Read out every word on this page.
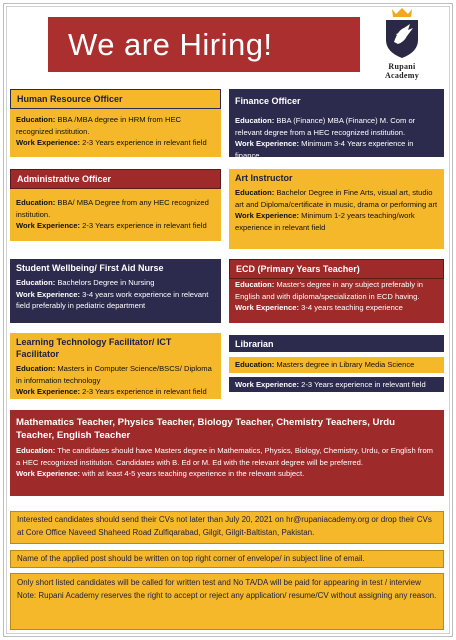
We are Hiring!
Rupani Academy
Human Resource Officer
Education: BBA /MBA degree in HRM from HEC recognized institution.
Work Experience: 2-3 Years experience in relevant field
Finance Officer
Education: BBA (Finance) MBA (Finance) M. Com or relevant degree from a HEC recognized institution.
Work Experience: Minimum 3-4 Years experience in finance
Administrative Officer
Education: BBA/ MBA Degree from any HEC recognized institution.
Work Experience: 2-3 Years experience in relevant field
Art Instructor
Education: Bachelor Degree in Fine Arts, visual art, studio art and Diploma/certificate in music, drama or performing art
Work Experience: Minimum 1-2 years teaching/work experience in relevant field
Student Wellbeing/ First Aid Nurse
Education: Bachelors Degree in Nursing
Work Experience: 3-4 years work experience in relevant field preferably in pediatric department
ECD (Primary Years Teacher)
Education: Master's degree in any subject preferably in English and with diploma/specialization in ECD having.
Work Experience: 3-4 years teaching experience
Learning Technology Facilitator/ ICT Facilitator
Education: Masters in Computer Science/BSCS/ Diploma in information technology
Work Experience: 2-3 Years experience in relevant field
Librarian
Education: Masters degree in Library Media Science
Work Experience: 2-3 Years experience in relevant field
Mathematics Teacher, Physics Teacher, Biology Teacher, Chemistry Teachers, Urdu Teacher, English Teacher
Education: The candidates should have Masters degree in Mathematics, Physics, Biology, Chemistry, Urdu, or English from a HEC recognized institution. Candidates with B. Ed or M. Ed with the relevant degree will be preferred.
Work Experience: with at least 4-5 years teaching experience in the relevant subject.
Interested candidates should send their CVs not later than July 20, 2021 on hr@rupaniacademy.org or drop their CVs at Core Office Naveed Shaheed Road Zulfiqarabad, Gilgit, Gilgit-Baltistan, Pakistan.
Name of the applied post should be written on top right corner of envelope/ in subject line of email.
Only short listed candidates will be called for written test and No TA/DA will be paid for appearing in test / interview
Note: Rupani Academy reserves the right to accept or reject any application/ resume/CV without assigning any reason.
